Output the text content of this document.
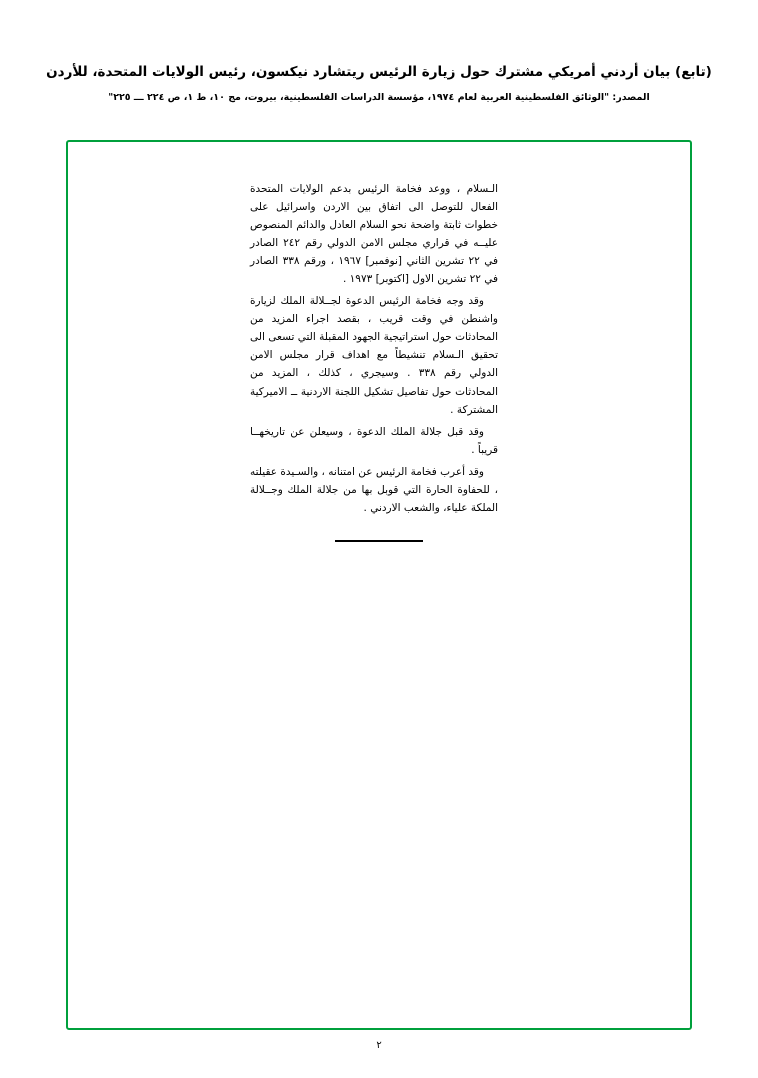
(تابع) بيان أردني أمريكي مشترك حول زيارة الرئيس ريتشارد نيكسون، رئيس الولايات المتحدة، للأردن
المصدر: "الوثائق الفلسطينية العربية لعام ١٩٧٤، مؤسسة الدراسات الفلسطينية، بيروت، مج ١٠، ط ١، ص ٢٢٤ ـــ ٢٢٥"

الـسلام ، ووعد فخامة الرئيس بدعم الولايات المتحدة الفعال للتوصل الى اتفاق بين الاردن واسرائيل على خطوات ثابتة واضحة نحو السلام العادل والدائم المنصوص عليــه في قراري مجلس الامن الدولي رقم ٢٤٢ الصادر في ٢٢ تشرين الثاني [نوفمبر] ١٩٦٧ ، ورقم ٣٣٨ الصادر في ٢٢ تشرين الاول [اكتوبر] ١٩٧٣ .

وقد وجه فخامة الرئيس الدعوة لجــلالة الملك لزيارة واشنطن في وقت قريب ، بقصد اجراء المزيد من المحادثات حول استراتيجية الجهود المقبلة التي تسعى الى تحقيق الـسلام تنشيطاً مع اهداف قرار مجلس الامن الدولي رقم ٣٣٨ . وسيجري ، كذلك ، المزيد من المحادثات حول تفاصيل تشكيل اللجنة الاردنية ــ الاميركية المشتركة .

وقد قبل جلالة الملك الدعوة ، وسيعلن عن تاريخهــا قريباً .

وقد أعرب فخامة الرئيس عن امتنانه ، والسـيدة عقيلته ، للحفاوة الحارة التي قوبل بها من جلالة الملك وجــلالة الملكة علياء، والشعب الاردني .

٢
